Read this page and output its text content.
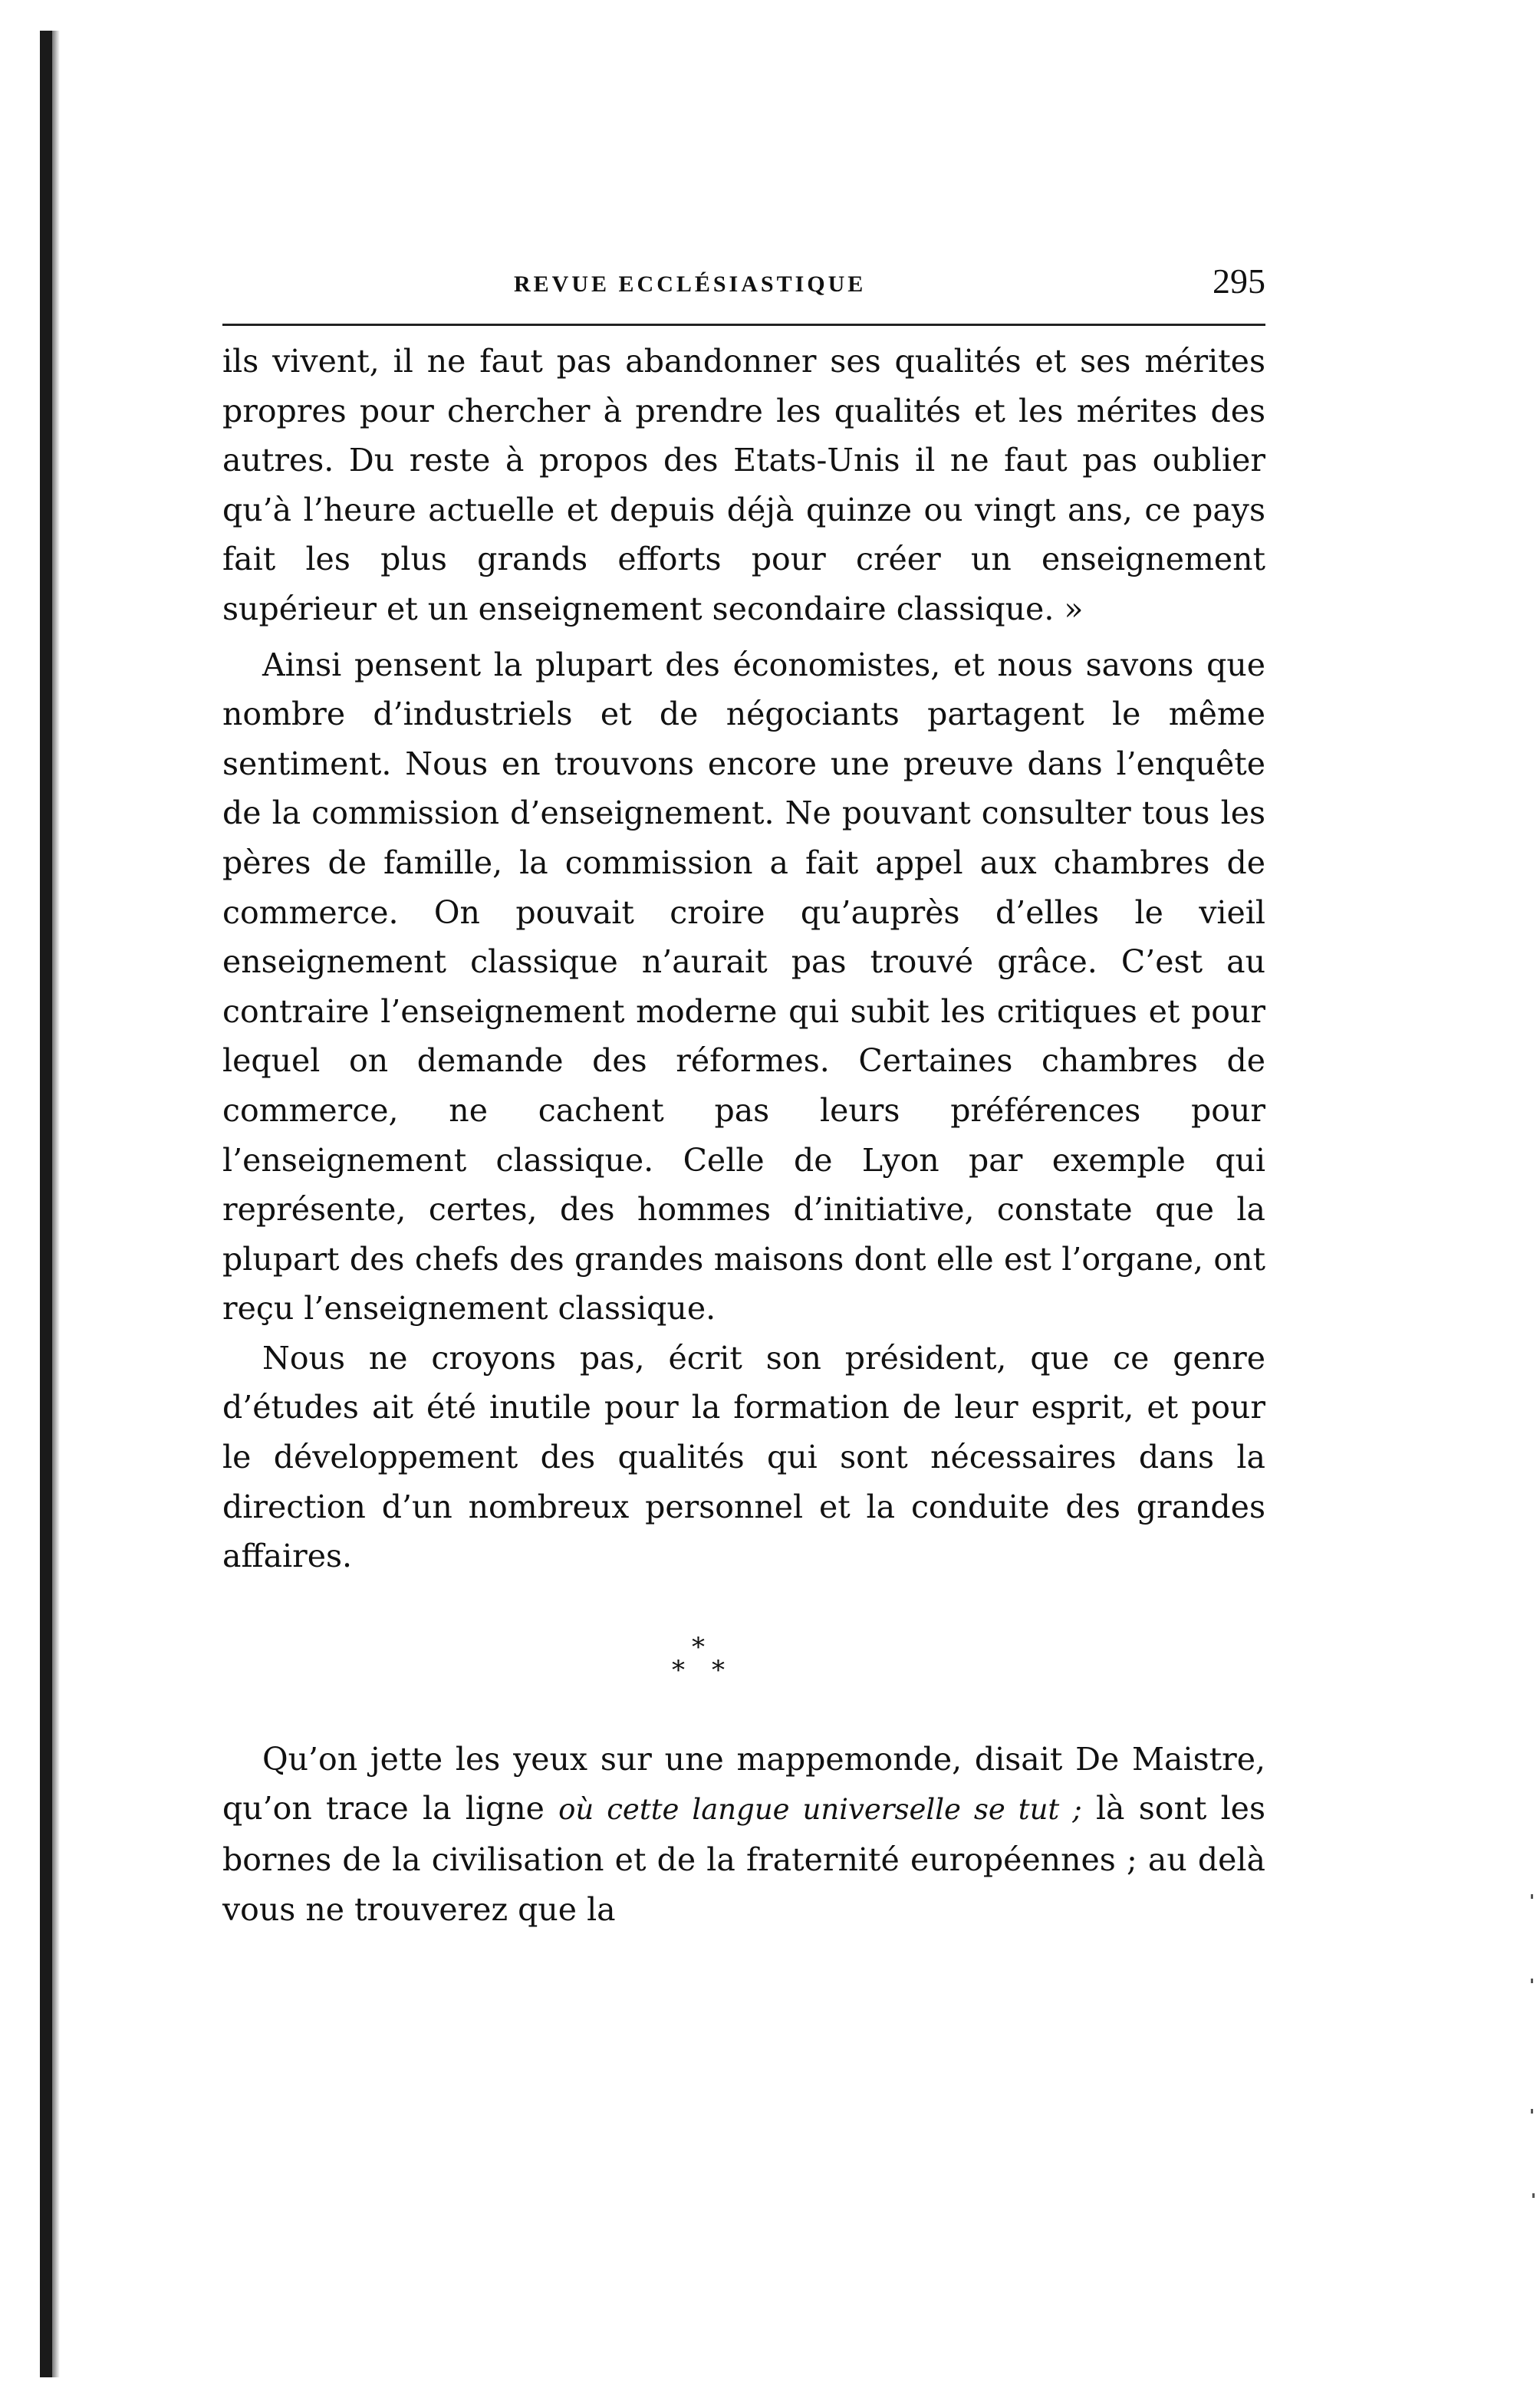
REVUE ECCLÉSIASTIQUE	295

ils vivent, il ne faut pas abandonner ses qualités et ses mérites propres pour chercher à prendre les qualités et les mérites des autres. Du reste à propos des Etats-Unis il ne faut pas oublier qu’à l’heure actuelle et depuis déjà quinze ou vingt ans, ce pays fait les plus grands efforts pour créer un enseignement supérieur et un enseignement secondaire classique. »

Ainsi pensent la plupart des économistes, et nous savons que nombre d’industriels et de négociants partagent le même sentiment. Nous en trouvons encore une preuve dans l’enquête de la commission d’enseignement. Ne pouvant consulter tous les pères de famille, la commission a fait appel aux chambres de commerce. On pouvait croire qu’auprès d’elles le vieil enseignement classique n’aurait pas trouvé grâce. C’est au contraire l’enseignement moderne qui subit les critiques et pour lequel on demande des réformes. Certaines chambres de commerce, ne cachent pas leurs préférences pour l’enseignement classique. Celle de Lyon par exemple qui représente, certes, des hommes d’initiative, constate que la plupart des chefs des grandes maisons dont elle est l’organe, ont reçu l’enseignement classique.

Nous ne croyons pas, écrit son président, que ce genre d’études ait été inutile pour la formation de leur esprit, et pour le développement des qualités qui sont nécessaires dans la direction d’un nombreux personnel et la conduite des grandes affaires.

*
* *

Qu’on jette les yeux sur une mappemonde, disait De Maistre, qu’on trace la ligne où cette langue universelle se tut ; là sont les bornes de la civilisation et de la fraternité européennes ; au delà vous ne trouverez que la
